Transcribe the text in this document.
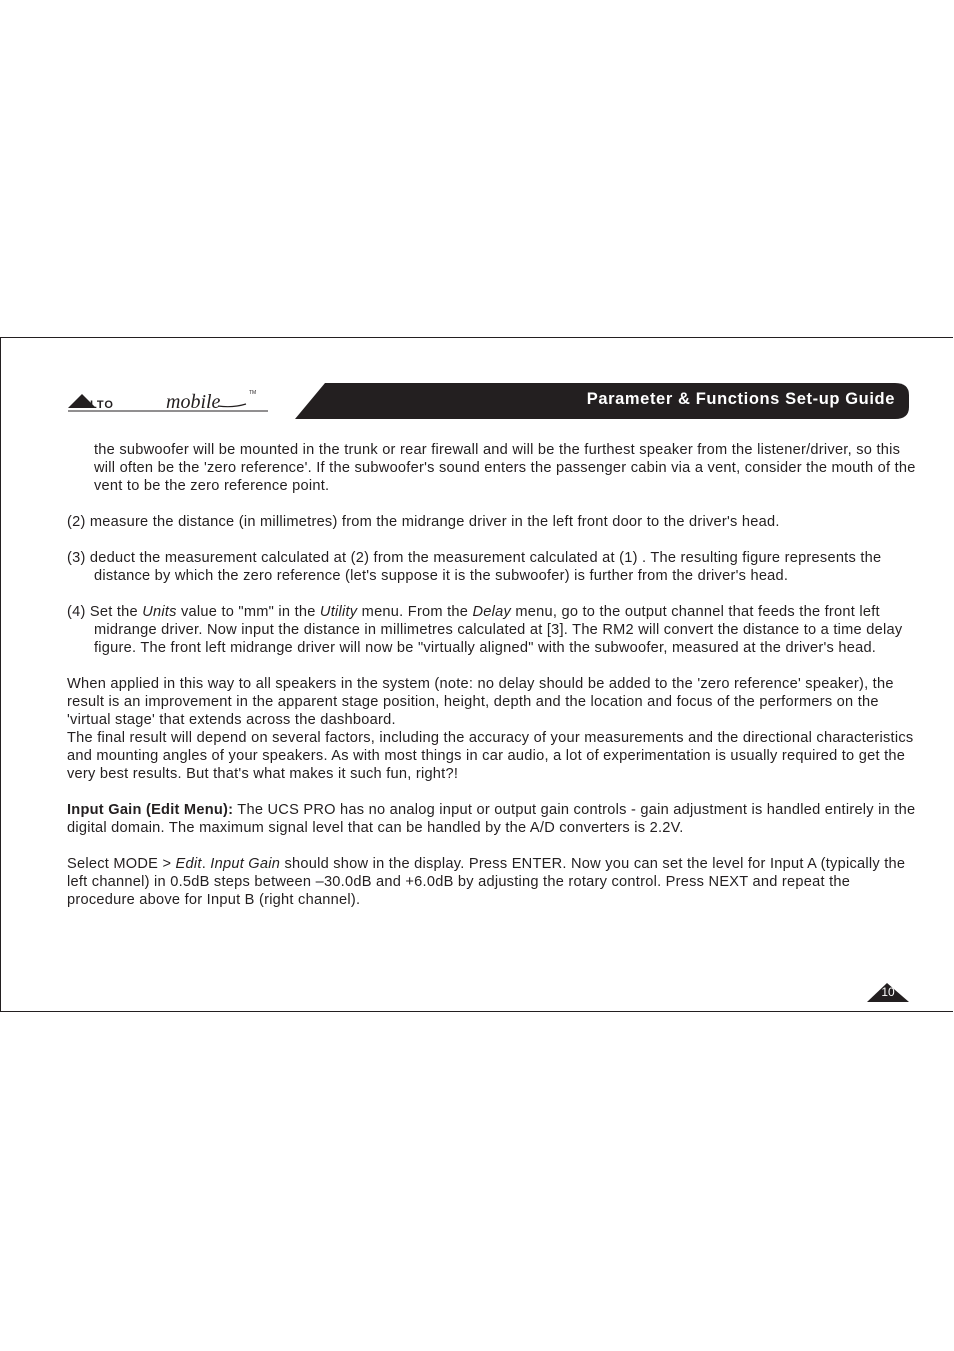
LTO	mobile	TM	Parameter & Functions Set-up Guide

the subwoofer will be mounted in the trunk or rear firewall and will be the furthest speaker from the listener/driver, so this will often be the 'zero reference'. If the subwoofer's sound enters the passenger cabin via a vent, consider the mouth of the vent to be the zero reference point.

(2) measure the distance (in millimetres) from the midrange driver in the left front door to the driver's head.

(3) deduct the measurement calculated at (2) from the measurement calculated at (1) . The resulting figure represents the distance by which the zero reference (let's suppose it is the subwoofer) is further from the driver's head.

(4) Set the Units value to "mm" in the Utility menu. From the Delay menu, go to the output channel that feeds the front left midrange driver. Now input the distance in millimetres calculated at [3]. The RM2 will convert the distance to a time delay figure. The front left midrange driver will now be "virtually aligned" with the subwoofer, measured at the driver's head.

When applied in this way to all speakers in the system (note: no delay should be added to the 'zero reference' speaker), the result is an improvement in the apparent stage position, height, depth and the location and focus of the performers on the 'virtual stage' that extends across the dashboard.

The final result will depend on several factors, including the accuracy of your measurements and the directional characteristics and mounting angles of your speakers. As with most things in car audio, a lot of experimentation is usually required to get the very best results. But that's what makes it such fun, right?!

Input Gain (Edit Menu): The UCS PRO has no analog input or output gain controls - gain adjustment is handled entirely in the digital domain. The maximum signal level that can be handled by the A/D converters is 2.2V.

Select MODE > Edit. Input Gain should show in the display. Press ENTER. Now you can set the level for Input A (typically the left channel) in 0.5dB steps between –30.0dB and +6.0dB by adjusting the rotary control. Press NEXT and repeat the procedure above for Input B (right channel).

10
